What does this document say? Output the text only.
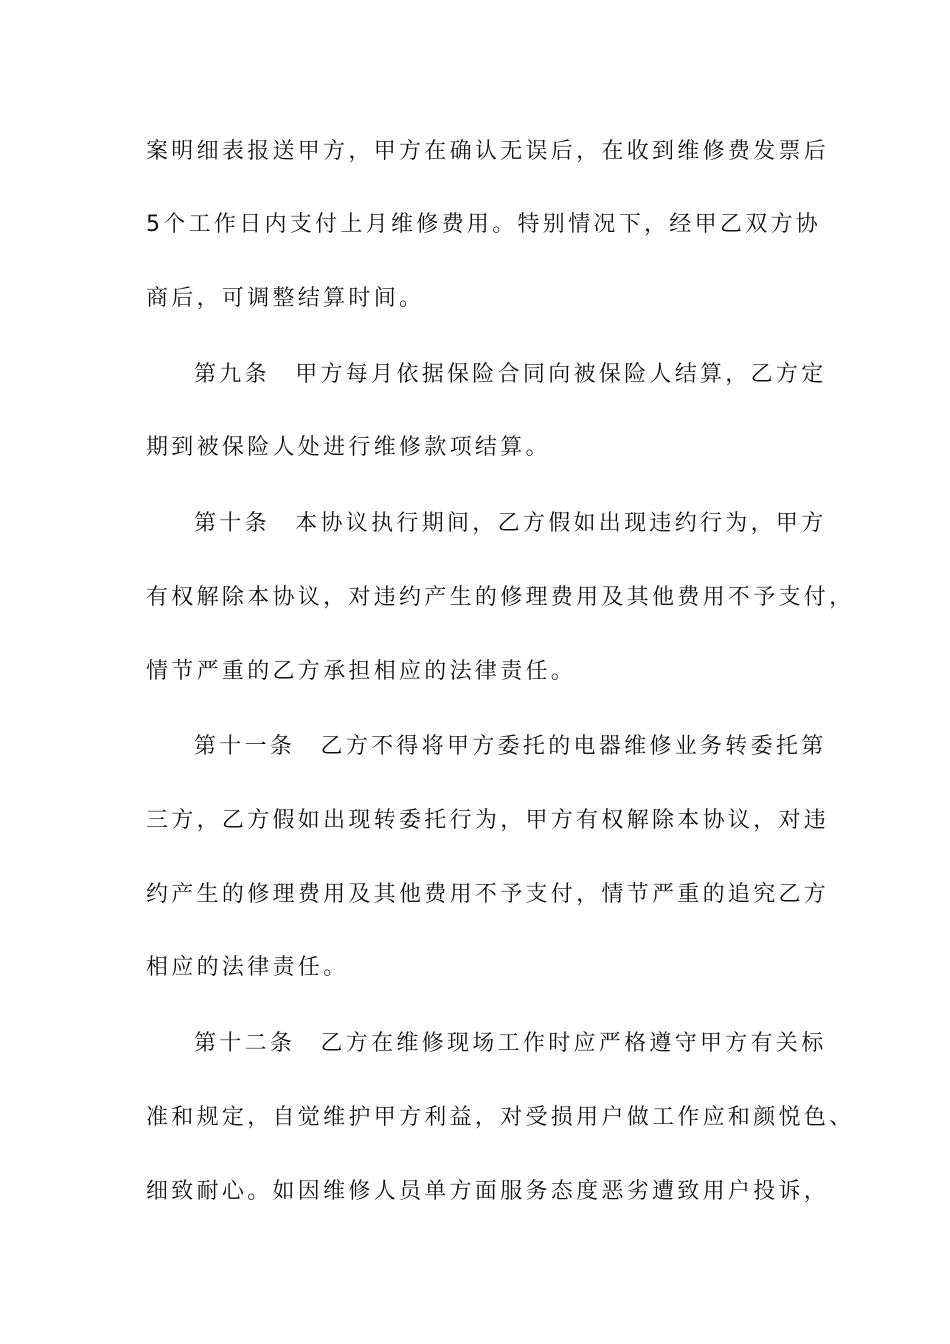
案明细表报送甲方，甲方在确认无误后，在收到维修费发票后
5个工作日内支付上月维修费用。特别情况下，经甲乙双方协
商后，可调整结算时间。
第九条　甲方每月依据保险合同向被保险人结算，乙方定
期到被保险人处进行维修款项结算。
第十条　本协议执行期间，乙方假如出现违约行为，甲方
有权解除本协议，对违约产生的修理费用及其他费用不予支付，
情节严重的乙方承担相应的法律责任。
第十一条　乙方不得将甲方委托的电器维修业务转委托第
三方，乙方假如出现转委托行为，甲方有权解除本协议，对违
约产生的修理费用及其他费用不予支付，情节严重的追究乙方
相应的法律责任。
第十二条　乙方在维修现场工作时应严格遵守甲方有关标
准和规定，自觉维护甲方利益，对受损用户做工作应和颜悦色、
细致耐心。如因维修人员单方面服务态度恶劣遭致用户投诉，
